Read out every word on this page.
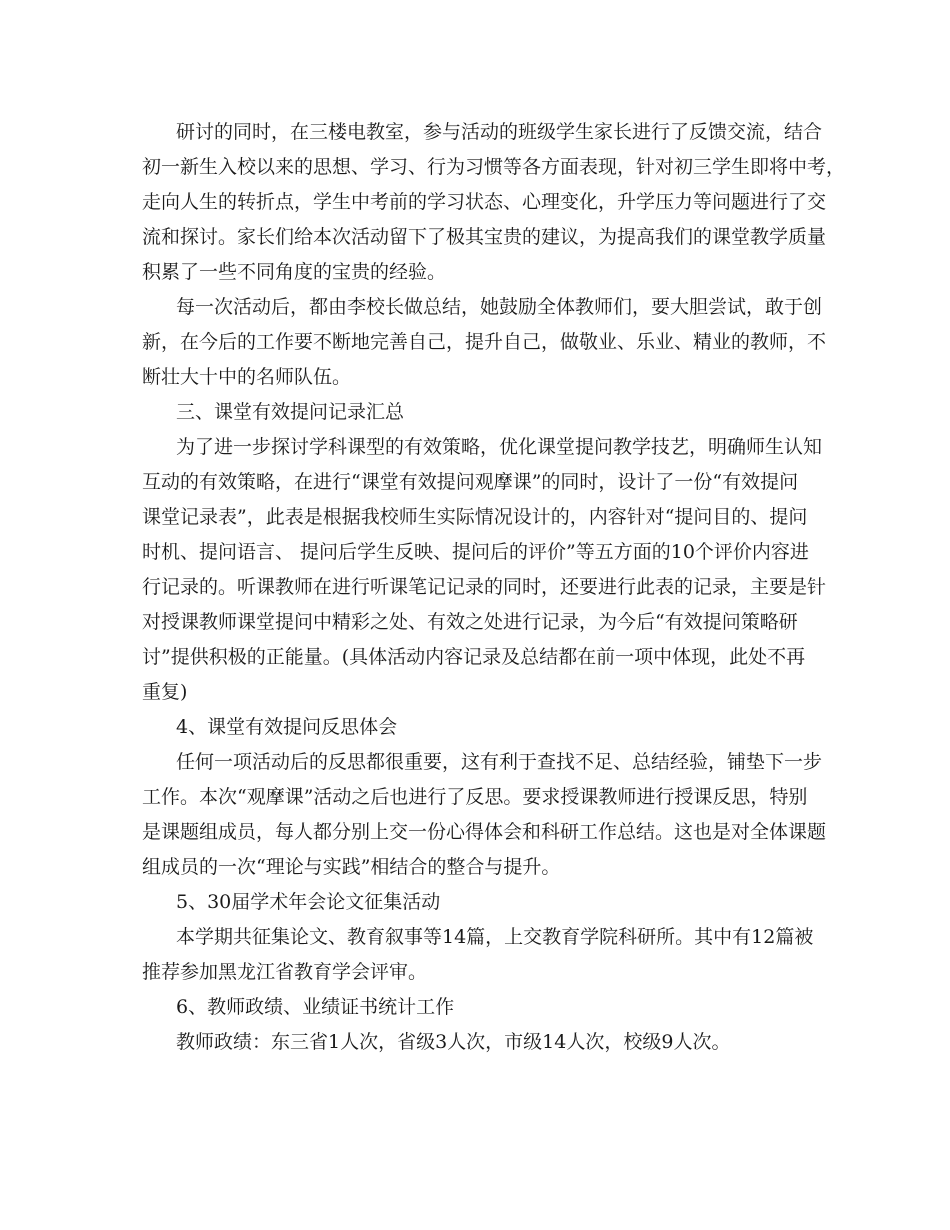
研讨的同时，在三楼电教室，参与活动的班级学生家长进行了反馈交流，结合
初一新生入校以来的思想、学习、行为习惯等各方面表现，针对初三学生即将中考，
走向人生的转折点，学生中考前的学习状态、心理变化，升学压力等问题进行了交
流和探讨。家长们给本次活动留下了极其宝贵的建议，为提高我们的课堂教学质量
积累了一些不同角度的宝贵的经验。
每一次活动后，都由李校长做总结，她鼓励全体教师们，要大胆尝试，敢于创
新，在今后的工作要不断地完善自己，提升自己，做敬业、乐业、精业的教师，不
断壮大十中的名师队伍。
三、课堂有效提问记录汇总
为了进一步探讨学科课型的有效策略，优化课堂提问教学技艺，明确师生认知
互动的有效策略，在进行“课堂有效提问观摩课”的同时，设计了一份“有效提问
课堂记录表”，此表是根据我校师生实际情况设计的，内容针对“提问目的、提问
时机、提问语言、 提问后学生反映、提问后的评价”等五方面的10个评价内容进
行记录的。听课教师在进行听课笔记记录的同时，还要进行此表的记录，主要是针
对授课教师课堂提问中精彩之处、有效之处进行记录，为今后“有效提问策略研
讨”提供积极的正能量。(具体活动内容记录及总结都在前一项中体现，此处不再
重复)
4、课堂有效提问反思体会
任何一项活动后的反思都很重要，这有利于查找不足、总结经验，铺垫下一步
工作。本次“观摩课”活动之后也进行了反思。要求授课教师进行授课反思，特别
是课题组成员，每人都分别上交一份心得体会和科研工作总结。这也是对全体课题
组成员的一次“理论与实践”相结合的整合与提升。
5、30届学术年会论文征集活动
本学期共征集论文、教育叙事等14篇，上交教育学院科研所。其中有12篇被
推荐参加黑龙江省教育学会评审。
6、教师政绩、业绩证书统计工作
教师政绩：东三省1人次，省级3人次，市级14人次，校级9人次。
